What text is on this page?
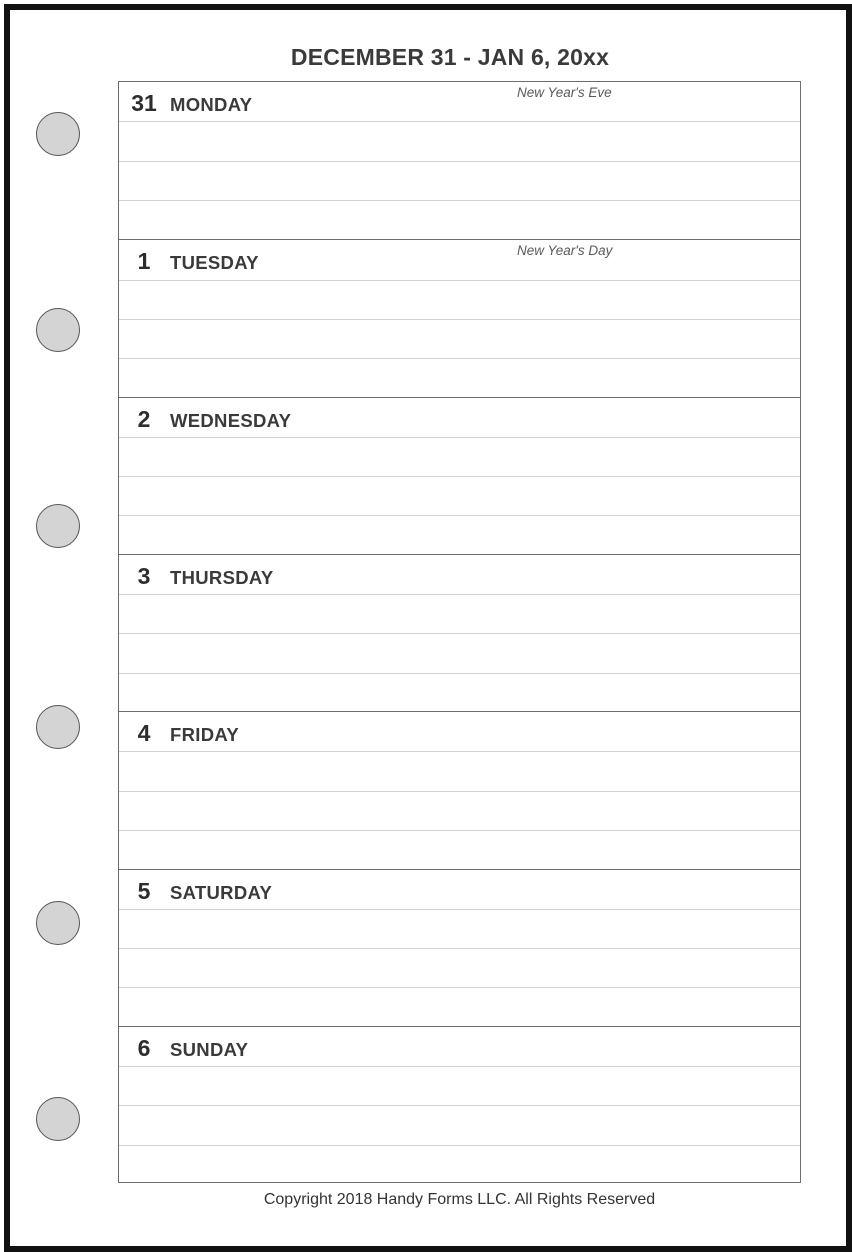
DECEMBER 31 - JAN 6, 20xx
31 MONDAY
New Year's Eve
1	TUESDAY
New Year's Day
2	WEDNESDAY
3	THURSDAY
4	FRIDAY
5	SATURDAY
6	SUNDAY
Copyright 2018 Handy Forms LLC. All Rights Reserved
